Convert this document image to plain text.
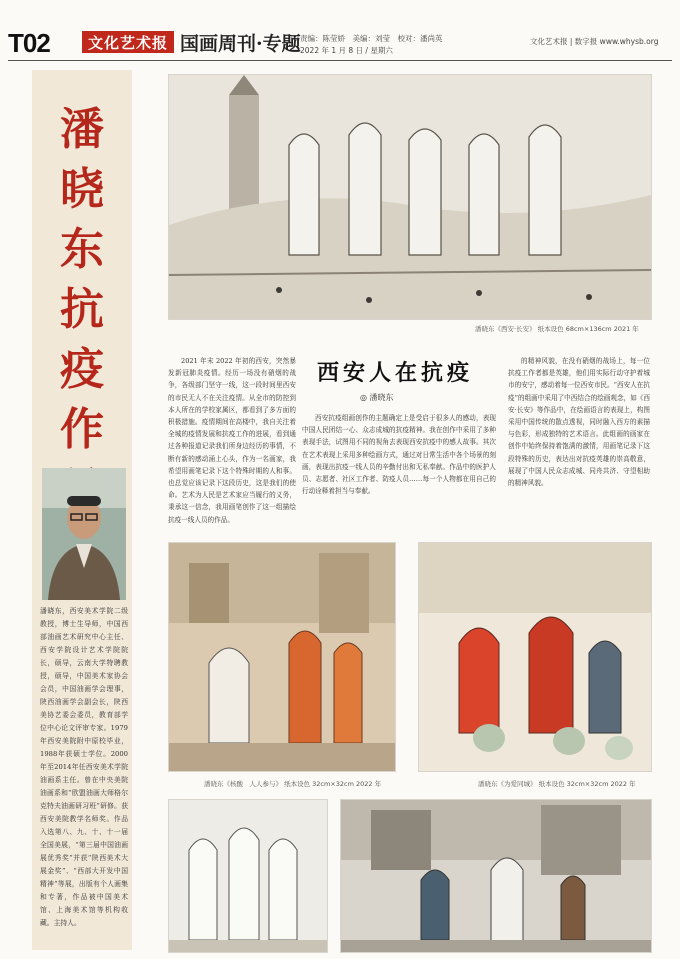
T02	文化艺术报 国画周刊·专题 责编：陈莹娇　美编：刘莹　校对：潘尚英
2022 年 1 月 8 日 / 星期六
文化艺术报 | 数字报 www.whysb.org
潘
晓
东
抗
疫
作
潘晓东，西安美术学院二级教授，博士生导师，中国西部油画艺术研究中心主任、西安学院设计艺术学院院长，硕导，云南大学特聘教授，硕导，中国美术家协会会员，中国油画学会理事，陕西油画学会副会长，陕西美协艺委会委员，教育部学位中心论文评审专家。1979年西安美院附中原校毕业，1988年获硕士学位。2000年至2014年任西安美术学院油画系主任。曾在中央美院油画系和“欧盟油画大师格尔克特夫油画研习班”研修。获西安美院教学名师奖。作品入选第八、九、十、十一届全国美展，“第三届中国油画展优秀奖”并获“陕西美术大展金奖”、“西部大开发中国精神”等展，出版有个人画集和专著，作品被中国美术馆、上海美术馆等机构收藏。主持人。
潘晓东《西安·长安》 纸本设色 68cm×136cm 2021 年
西安人在抗疫
◎ 潘晓东
2021 年末 2022 年初的西安，突然暴发新冠肺炎疫情。经历一场没有硝烟的战争，各级部门坚守一线，这一段时间里西安的市民无人不在关注疫情。从全市的防控到本人所在的学校家属区，都看到了多方面的积极措施。疫情期间在高楼中，我自关注着全城的疫情发展和抗疫工作的进展，看到通过各种报道记录我们所身边经历的事情，不断有新的感动涌上心头，作为一名画家，我希望用画笔记录下这个特殊时期的人和事。也总觉应该记录下这段历史，这是我们的使命。艺术为人民是艺术家应当履行的义务，秉承这一信念，我用画笔创作了这一组描绘抗疫一线人员的作品。
西安抗疫组画创作的主题确定上是受启于很多人的感动，表现中国人民团结一心、众志成城的抗疫精神。我在创作中采用了多种表现手法，试图用不同的视角去表现西安抗疫中的感人故事。其次在艺术表现上采用多种绘画方式，通过对日常生活中各个场景的刻画，表现出抗疫一线人员的辛勤付出和无私奉献。作品中的医护人员、志愿者、社区工作者、防疫人员……每一个人物都在用自己的行动诠释着担当与奉献。
的精神风貌，在没有硝烟的战场上，每一位抗疫工作者都是英雄，他们用实际行动守护着城市的安宁，感动着每一位西安市民。“西安人在抗疫”的组画中采用了中西结合的绘画观念，如《西安·长安》等作品中，在绘画语言的表现上，构图采用中国传统的散点透视，同时融入西方的素描与色彩，形成独特的艺术语言。此组画的画家在创作中始终保持着饱满的激情，用画笔记录下这段特殊的历史，表达出对抗疫英雄的崇高敬意，展现了中国人民众志成城、同舟共济、守望相助的精神风貌。
潘晓东《核酸　人人参与》 纸本设色 32cm×32cm 2022 年	潘晓东《为爱同城》 纸本设色 32cm×32cm 2022 年
